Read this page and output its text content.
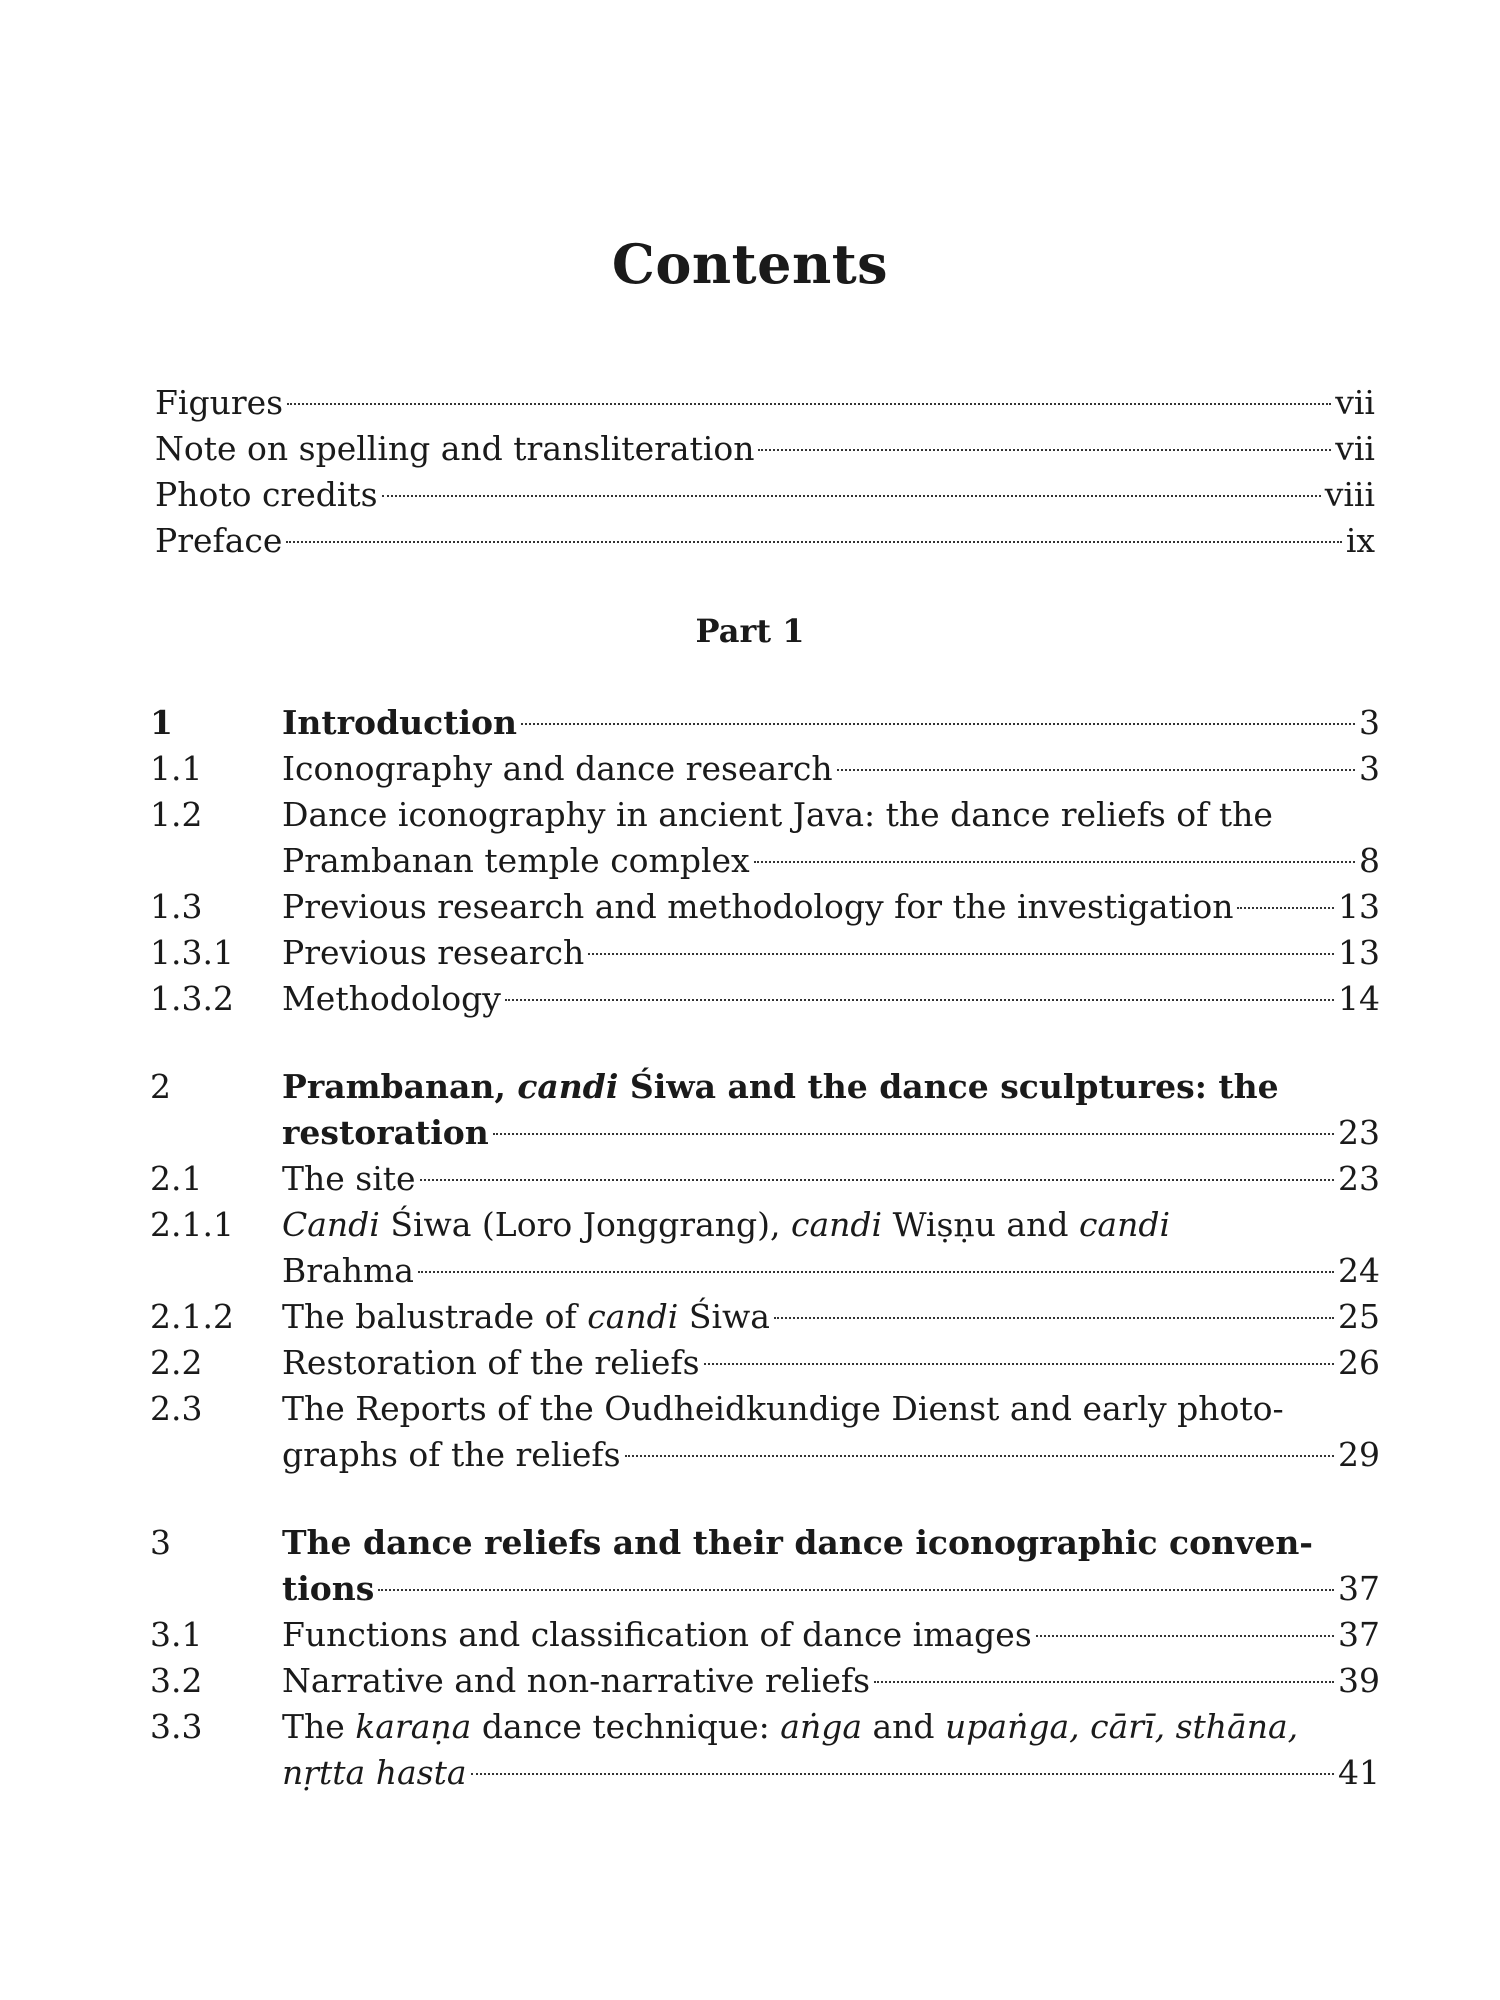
Contents
Figures	vii
Note on spelling and transliteration	vii
Photo credits	viii
Preface	ix
Part 1
1	Introduction	3
1.1	Iconography and dance research	3
1.2	Dance iconography in ancient Java: the dance reliefs of the
Prambanan temple complex	8
1.3	Previous research and methodology for the investigation	13
1.3.1	Previous research	13
1.3.2	Methodology	14
2	Prambanan, candi Śiwa and the dance sculptures: the
restoration	23
2.1	The site	23
2.1.1	Candi Śiwa (Loro Jonggrang), candi Wiṣṇu and candi
Brahma	24
2.1.2	The balustrade of candi Śiwa	25
2.2	Restoration of the reliefs	26
2.3	The Reports of the Oudheidkundige Dienst and early photo-
graphs of the reliefs	29
3	The dance reliefs and their dance iconographic conven-
tions	37
3.1	Functions and classification of dance images	37
3.2	Narrative and non-narrative reliefs	39
3.3	The karaṇa dance technique: aṅga and upaṅga, cārī, sthāna,
nṛtta hasta	41
